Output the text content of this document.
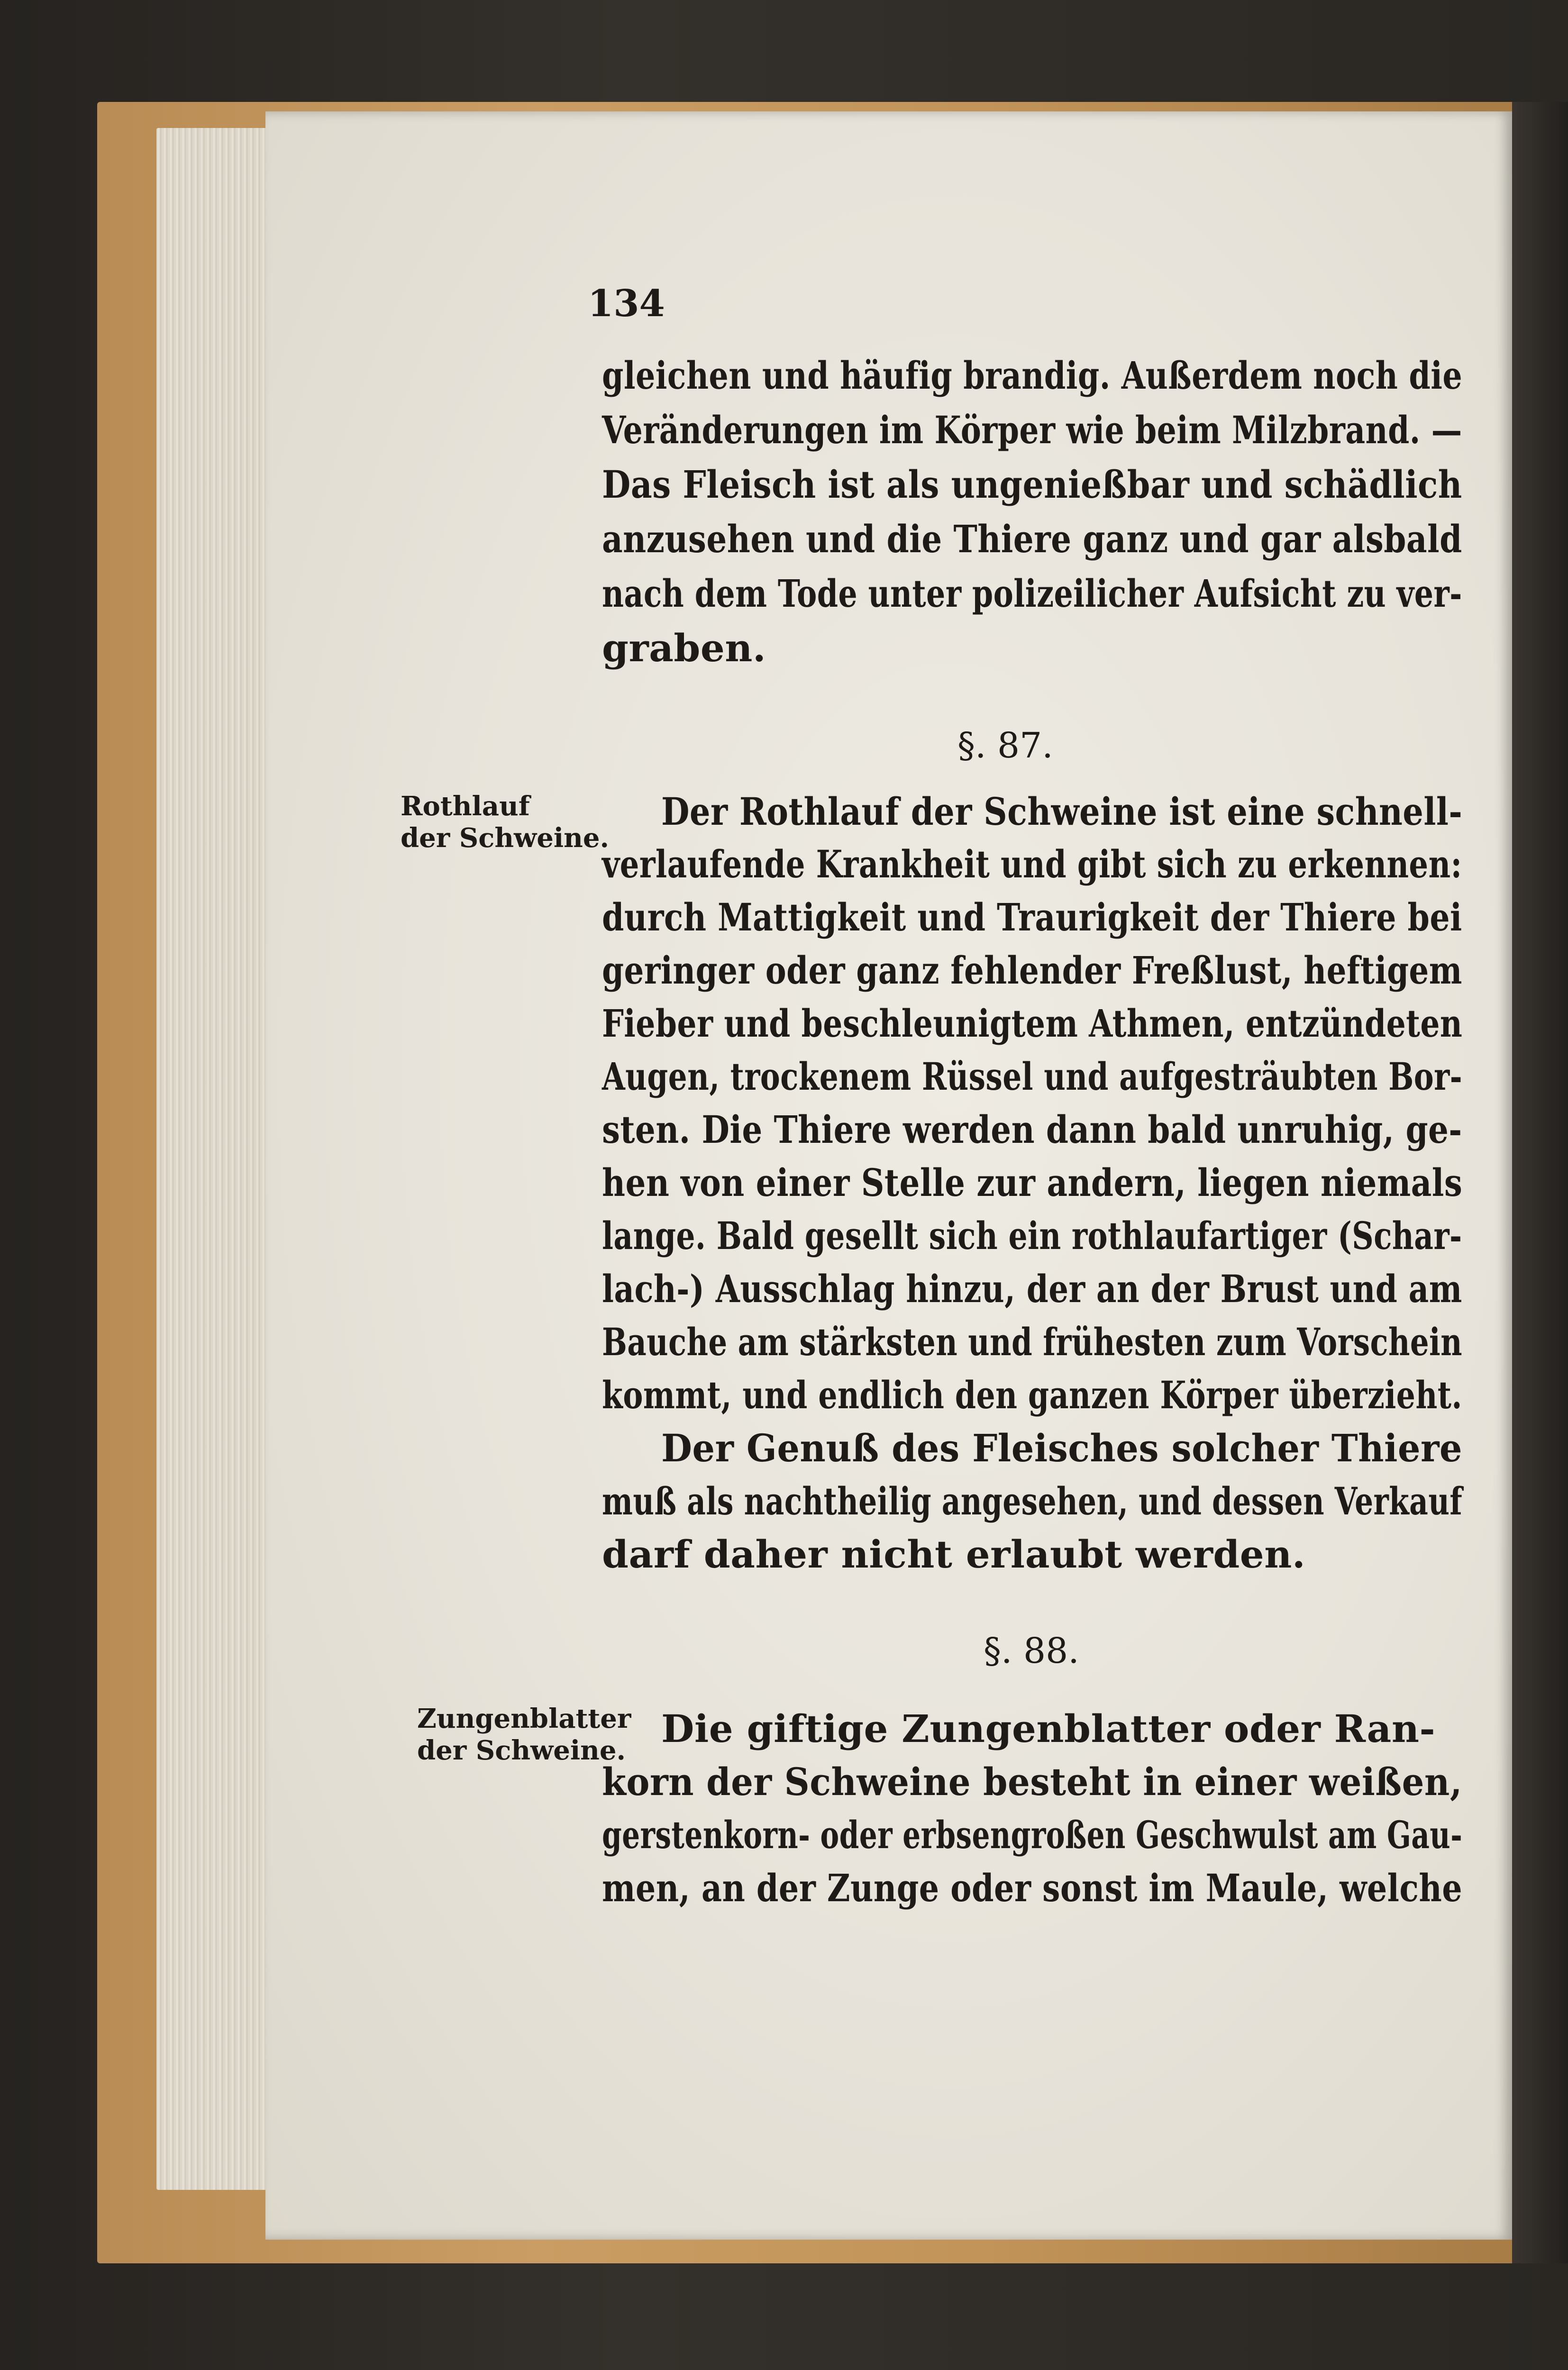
134
gleichen und häufig brandig. Außerdem noch die
Veränderungen im Körper wie beim Milzbrand. —
Das Fleisch ist als ungenießbar und schädlich
anzusehen und die Thiere ganz und gar alsbald
nach dem Tode unter polizeilicher Aufsicht zu ver-
graben.
§. 87.
Rothlauf
der Schweine.
Der Rothlauf der Schweine ist eine schnell-
verlaufende Krankheit und gibt sich zu erkennen:
durch Mattigkeit und Traurigkeit der Thiere bei
geringer oder ganz fehlender Freßlust, heftigem
Fieber und beschleunigtem Athmen, entzündeten
Augen, trockenem Rüssel und aufgesträubten Bor-
sten. Die Thiere werden dann bald unruhig, ge-
hen von einer Stelle zur andern, liegen niemals
lange. Bald gesellt sich ein rothlaufartiger (Schar-
lach-) Ausschlag hinzu, der an der Brust und am
Bauche am stärksten und frühesten zum Vorschein
kommt, und endlich den ganzen Körper überzieht.
Der Genuß des Fleisches solcher Thiere
muß als nachtheilig angesehen, und dessen Verkauf
darf daher nicht erlaubt werden.
§. 88.
Zungenblatter
der Schweine. Die giftige Zungenblatter oder Ran-
korn der Schweine besteht in einer weißen,
gerstenkorn- oder erbsengroßen Geschwulst am Gau-
men, an der Zunge oder sonst im Maule, welche
